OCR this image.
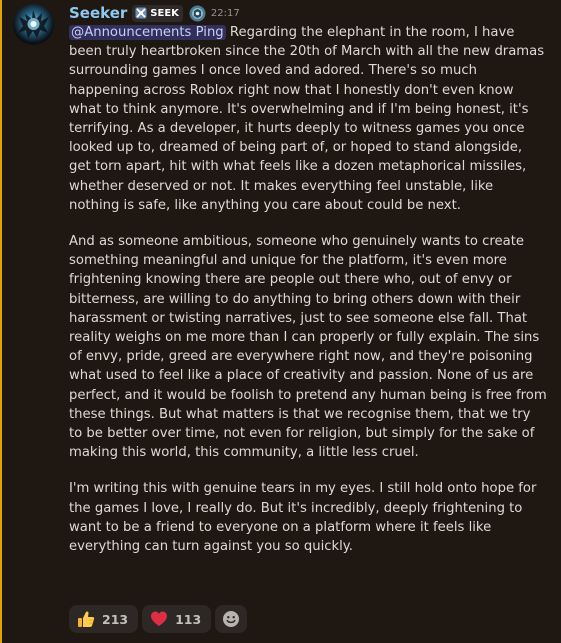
Seeker SEEK	22:17

@Announcements Ping Regarding the elephant in the room, I have been truly heartbroken since the 20th of March with all the new dramas surrounding games I once loved and adored. There's so much happening across Roblox right now that I honestly don't even know what to think anymore. It's overwhelming and if I'm being honest, it's terrifying. As a developer, it hurts deeply to witness games you once looked up to, dreamed of being part of, or hoped to stand alongside, get torn apart, hit with what feels like a dozen metaphorical missiles, whether deserved or not. It makes everything feel unstable, like nothing is safe, like anything you care about could be next.

And as someone ambitious, someone who genuinely wants to create something meaningful and unique for the platform, it's even more frightening knowing there are people out there who, out of envy or bitterness, are willing to do anything to bring others down with their harassment or twisting narratives, just to see someone else fall. That reality weighs on me more than I can properly or fully explain. The sins of envy, pride, greed are everywhere right now, and they're poisoning what used to feel like a place of creativity and passion. None of us are perfect, and it would be foolish to pretend any human being is free from these things. But what matters is that we recognise them, that we try to be better over time, not even for religion, but simply for the sake of making this world, this community, a little less cruel.

I'm writing this with genuine tears in my eyes. I still hold onto hope for the games I love, I really do. But it's incredibly, deeply frightening to want to be a friend to everyone on a platform where it feels like everything can turn against you so quickly.

213	113
